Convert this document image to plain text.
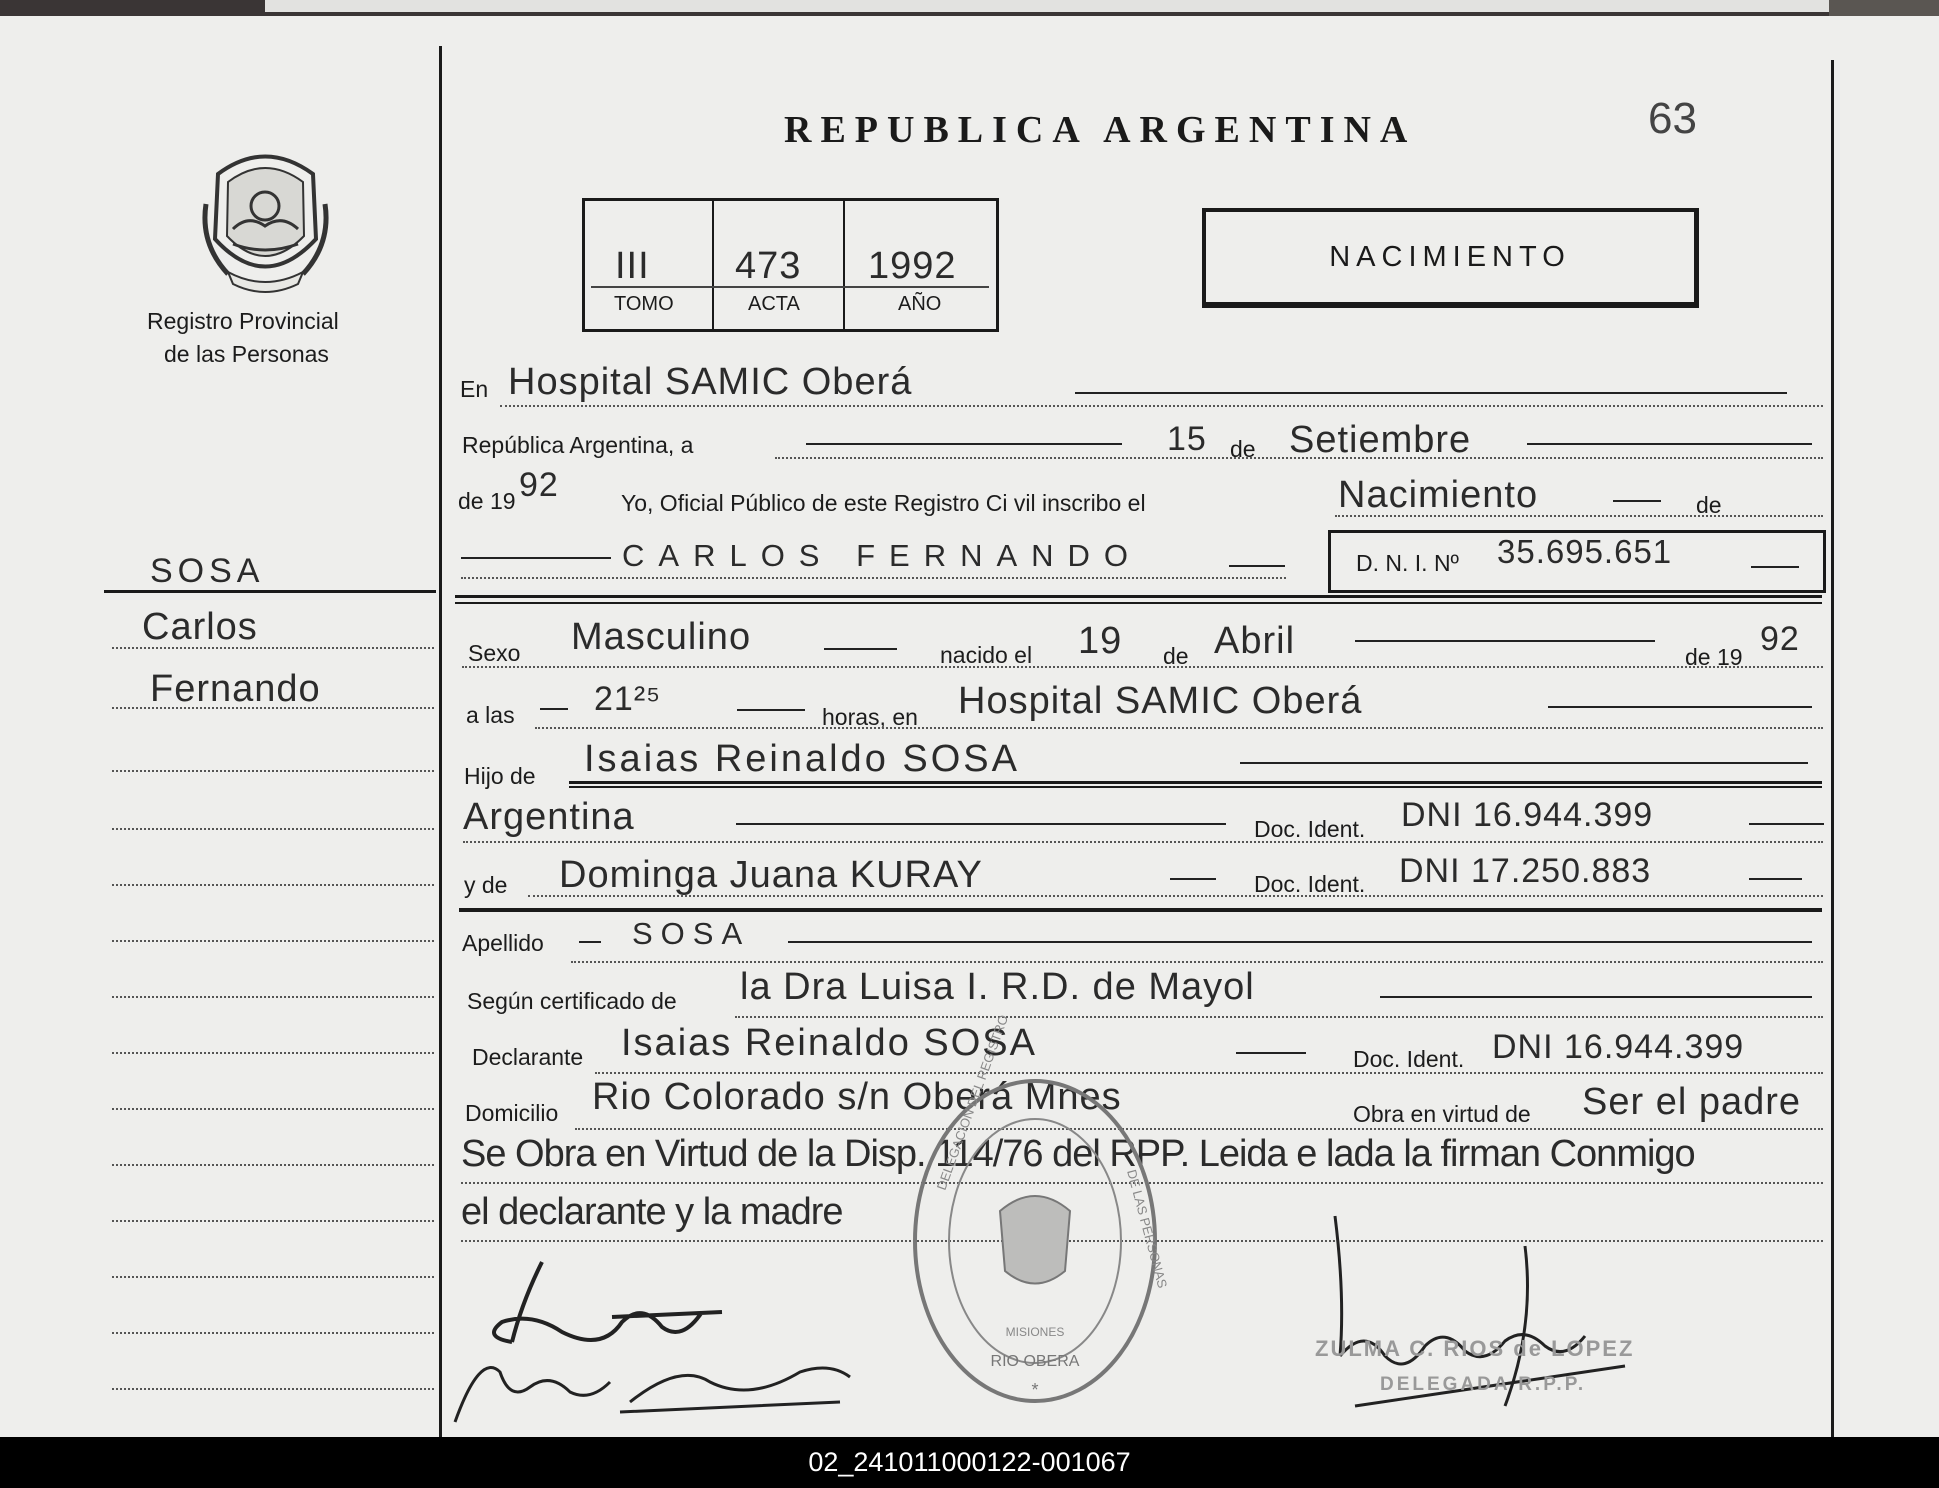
Registro Provincial
de las Personas
REPUBLICA ARGENTINA	63
III 473 1992
TOMO	ACTA	AÑO
NACIMIENTO
SOSA
Carlos
Fernando
En Hospital SAMIC Oberá
República Argentina, a	15 de Setiembre
de 19 92	Yo, Oficial Público de este Registro Ci vil inscribo el	Nacimiento	de
CARLOS FERNANDO	D. N. I. Nº 35.695.651
Sexo Masculino	nacido el 19 de Abril	de 19 92
a las 21²⁵	horas, en Hospital SAMIC Oberá
Hijo de Isaias Reinaldo SOSA
Argentina	Doc. Ident. DNI 16.944.399
y de Dominga Juana KURAY	Doc. Ident. DNI 17.250.883
Apellido	SOSA
Según certificado de la Dra Luisa I. R.D. de Mayol
Declarante Isaias Reinaldo SOSA	Doc. Ident. DNI 16.944.399
Domicilio Rio Colorado s/n Oberá Mnes	Obra en virtud de Ser el padre
Se Obra en Virtud de la Disp. 114/76 del RPP. Leida e lada la firman Conmigo
el declarante y la madre
RIO OBERA
MISIONES
DELEGACION DEL REGISTRO
DE LAS PERSONAS
*
ZULMA C. RIOS de LOPEZ
DELEGADA R.P.P.
02_241011000122-001067
